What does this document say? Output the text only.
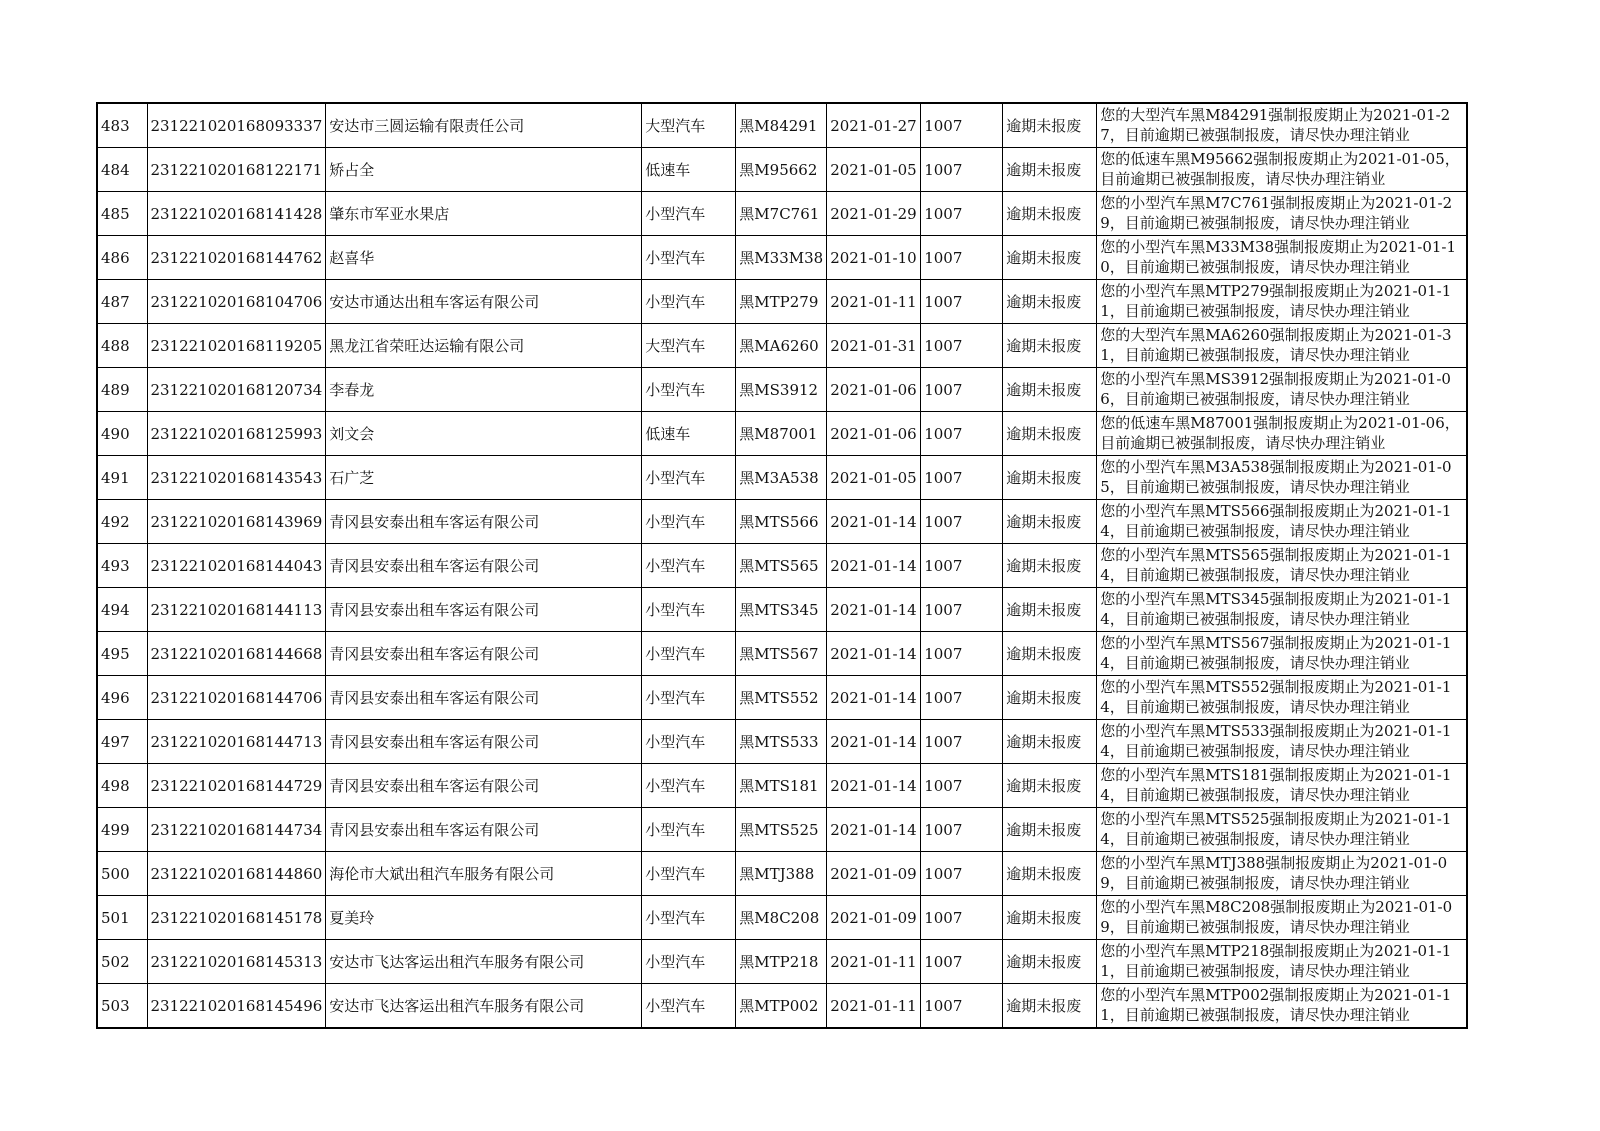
483	231221020168093337	安达市三圆运输有限责任公司	大型汽车	黑M84291	2021-01-27	1007	逾期未报废	您的大型汽车黑M84291强制报废期止为2021-01-27，目前逾期已被强制报废，请尽快办理注销业

484	231221020168122171	矫占全	低速车	黑M95662	2021-01-05	1007	逾期未报废	您的低速车黑M95662强制报废期止为2021-01-05，目前逾期已被强制报废，请尽快办理注销业

485	231221020168141428	肇东市军亚水果店	小型汽车	黑M7C761	2021-01-29	1007	逾期未报废	您的小型汽车黑M7C761强制报废期止为2021-01-29，目前逾期已被强制报废，请尽快办理注销业

486	231221020168144762	赵喜华	小型汽车	黑M33M38	2021-01-10	1007	逾期未报废	您的小型汽车黑M33M38强制报废期止为2021-01-10，目前逾期已被强制报废，请尽快办理注销业

487	231221020168104706	安达市通达出租车客运有限公司	小型汽车	黑MTP279	2021-01-11	1007	逾期未报废	您的小型汽车黑MTP279强制报废期止为2021-01-11，目前逾期已被强制报废，请尽快办理注销业

488	231221020168119205	黑龙江省荣旺达运输有限公司	大型汽车	黑MA6260	2021-01-31	1007	逾期未报废	您的大型汽车黑MA6260强制报废期止为2021-01-31，目前逾期已被强制报废，请尽快办理注销业

489	231221020168120734	李春龙	小型汽车	黑MS3912	2021-01-06	1007	逾期未报废	您的小型汽车黑MS3912强制报废期止为2021-01-06，目前逾期已被强制报废，请尽快办理注销业

490	231221020168125993	刘文会	低速车	黑M87001	2021-01-06	1007	逾期未报废	您的低速车黑M87001强制报废期止为2021-01-06，目前逾期已被强制报废，请尽快办理注销业

491	231221020168143543	石广芝	小型汽车	黑M3A538	2021-01-05	1007	逾期未报废	您的小型汽车黑M3A538强制报废期止为2021-01-05，目前逾期已被强制报废，请尽快办理注销业

492	231221020168143969	青冈县安泰出租车客运有限公司	小型汽车	黑MTS566	2021-01-14	1007	逾期未报废	您的小型汽车黑MTS566强制报废期止为2021-01-14，目前逾期已被强制报废，请尽快办理注销业

493	231221020168144043	青冈县安泰出租车客运有限公司	小型汽车	黑MTS565	2021-01-14	1007	逾期未报废	您的小型汽车黑MTS565强制报废期止为2021-01-14，目前逾期已被强制报废，请尽快办理注销业

494	231221020168144113	青冈县安泰出租车客运有限公司	小型汽车	黑MTS345	2021-01-14	1007	逾期未报废	您的小型汽车黑MTS345强制报废期止为2021-01-14，目前逾期已被强制报废，请尽快办理注销业

495	231221020168144668	青冈县安泰出租车客运有限公司	小型汽车	黑MTS567	2021-01-14	1007	逾期未报废	您的小型汽车黑MTS567强制报废期止为2021-01-14，目前逾期已被强制报废，请尽快办理注销业

496	231221020168144706	青冈县安泰出租车客运有限公司	小型汽车	黑MTS552	2021-01-14	1007	逾期未报废	您的小型汽车黑MTS552强制报废期止为2021-01-14，目前逾期已被强制报废，请尽快办理注销业

497	231221020168144713	青冈县安泰出租车客运有限公司	小型汽车	黑MTS533	2021-01-14	1007	逾期未报废	您的小型汽车黑MTS533强制报废期止为2021-01-14，目前逾期已被强制报废，请尽快办理注销业

498	231221020168144729	青冈县安泰出租车客运有限公司	小型汽车	黑MTS181	2021-01-14	1007	逾期未报废	您的小型汽车黑MTS181强制报废期止为2021-01-14，目前逾期已被强制报废，请尽快办理注销业

499	231221020168144734	青冈县安泰出租车客运有限公司	小型汽车	黑MTS525	2021-01-14	1007	逾期未报废	您的小型汽车黑MTS525强制报废期止为2021-01-14，目前逾期已被强制报废，请尽快办理注销业

500	231221020168144860	海伦市大斌出租汽车服务有限公司	小型汽车	黑MTJ388	2021-01-09	1007	逾期未报废	您的小型汽车黑MTJ388强制报废期止为2021-01-09，目前逾期已被强制报废，请尽快办理注销业

501	231221020168145178	夏美玲	小型汽车	黑M8C208	2021-01-09	1007	逾期未报废	您的小型汽车黑M8C208强制报废期止为2021-01-09，目前逾期已被强制报废，请尽快办理注销业

502	231221020168145313	安达市飞达客运出租汽车服务有限公司	小型汽车	黑MTP218	2021-01-11	1007	逾期未报废	您的小型汽车黑MTP218强制报废期止为2021-01-11，目前逾期已被强制报废，请尽快办理注销业

503	231221020168145496	安达市飞达客运出租汽车服务有限公司	小型汽车	黑MTP002	2021-01-11	1007	逾期未报废	您的小型汽车黑MTP002强制报废期止为2021-01-11，目前逾期已被强制报废，请尽快办理注销业
